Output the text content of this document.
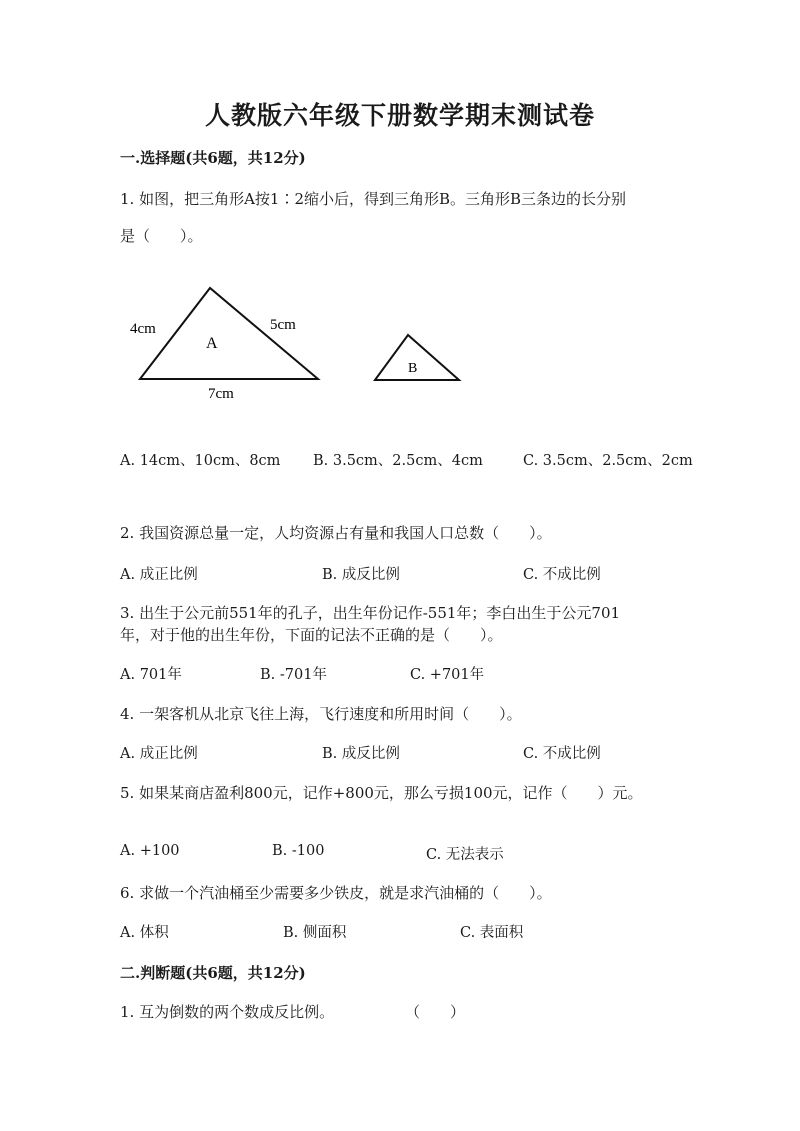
人教版六年级下册数学期末测试卷
一.选择题(共6题，共12分)
1. 如图，把三角形A按1∶2缩小后，得到三角形B。三角形B三条边的长分别
是（　　）。
A
4cm	5cm
7cm
B
A. 14cm、10cm、8cm B. 3.5cm、2.5cm、4cm	C. 3.5cm、2.5cm、2cm
2. 我国资源总量一定，人均资源占有量和我国人口总数（　　）。
A. 成正比例	B. 成反比例	C. 不成比例
3. 出生于公元前551年的孔子，出生年份记作-551年；李白出生于公元701
年，对于他的出生年份，下面的记法不正确的是（　　）。
A. 701年	B. -701年	C. +701年
4. 一架客机从北京飞往上海，飞行速度和所用时间（　　）。
A. 成正比例	B. 成反比例	C. 不成比例
5. 如果某商店盈利800元，记作+800元，那么亏损100元，记作（　　）元。
A. +100	B. -100	C. 无法表示
6. 求做一个汽油桶至少需要多少铁皮，就是求汽油桶的（　　）。
A. 体积	B. 侧面积	C. 表面积
二.判断题(共6题，共12分)
1. 互为倒数的两个数成反比例。	（　　）
